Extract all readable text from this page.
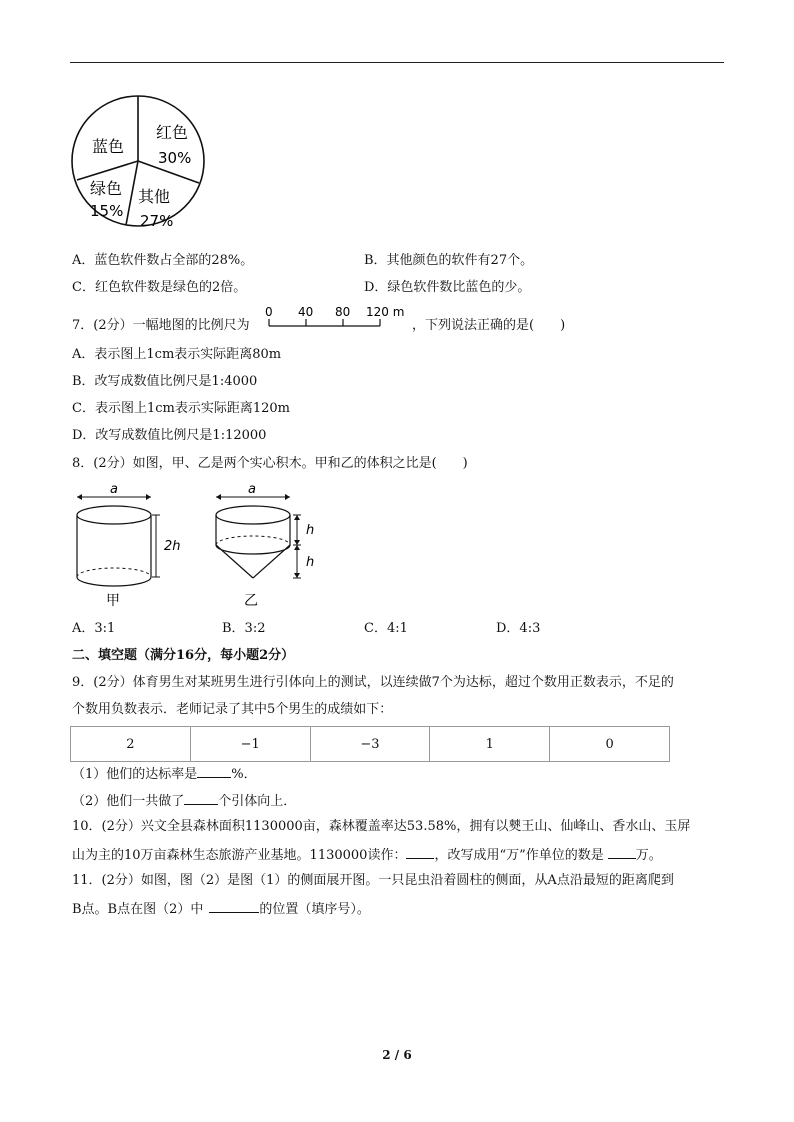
红色
30%
其他
27%
绿色
15%
蓝色
A．蓝色软件数占全部的28%。	B．其他颜色的软件有27个。
C．红色软件数是绿色的2倍。	D．绿色软件数比蓝色的少。
7．(2分）一幅地图的比例尺为
0 40 80 120 m
，下列说法正确的是(　　)
A．表示图上1cm表示实际距离80m
B．改写成数值比例尺是1:4000
C．表示图上1cm表示实际距离120m
D．改写成数值比例尺是1:12000
8．(2分）如图，甲、乙是两个实心积木。甲和乙的体积之比是(　　)
a
2h
甲
a
h
h
乙
A．3:1	B．3:2	C．4:1	D．4:3
二、填空题（满分16分，每小题2分）
9．(2分）体育男生对某班男生进行引体向上的测试，以连续做7个为达标，超过个数用正数表示，不足的
个数用负数表示．老师记录了其中5个男生的成绩如下：
2	−1	−3	1	0
（1）他们的达标率是	%．
（2）他们一共做了	个引体向上．
10．(2分）兴文全县森林面积1130000亩，森林覆盖率达53.58%，拥有以僰王山、仙峰山、香水山、玉屏
山为主的10万亩森林生态旅游产业基地。1130000读作： ，改写成用“万”作单位的数是 万。
11．(2分）如图，图（2）是图（1）的侧面展开图。一只昆虫沿着圆柱的侧面，从A点沿最短的距离爬到
B点。B点在图（2）中	的位置（填序号）。
2 / 6
